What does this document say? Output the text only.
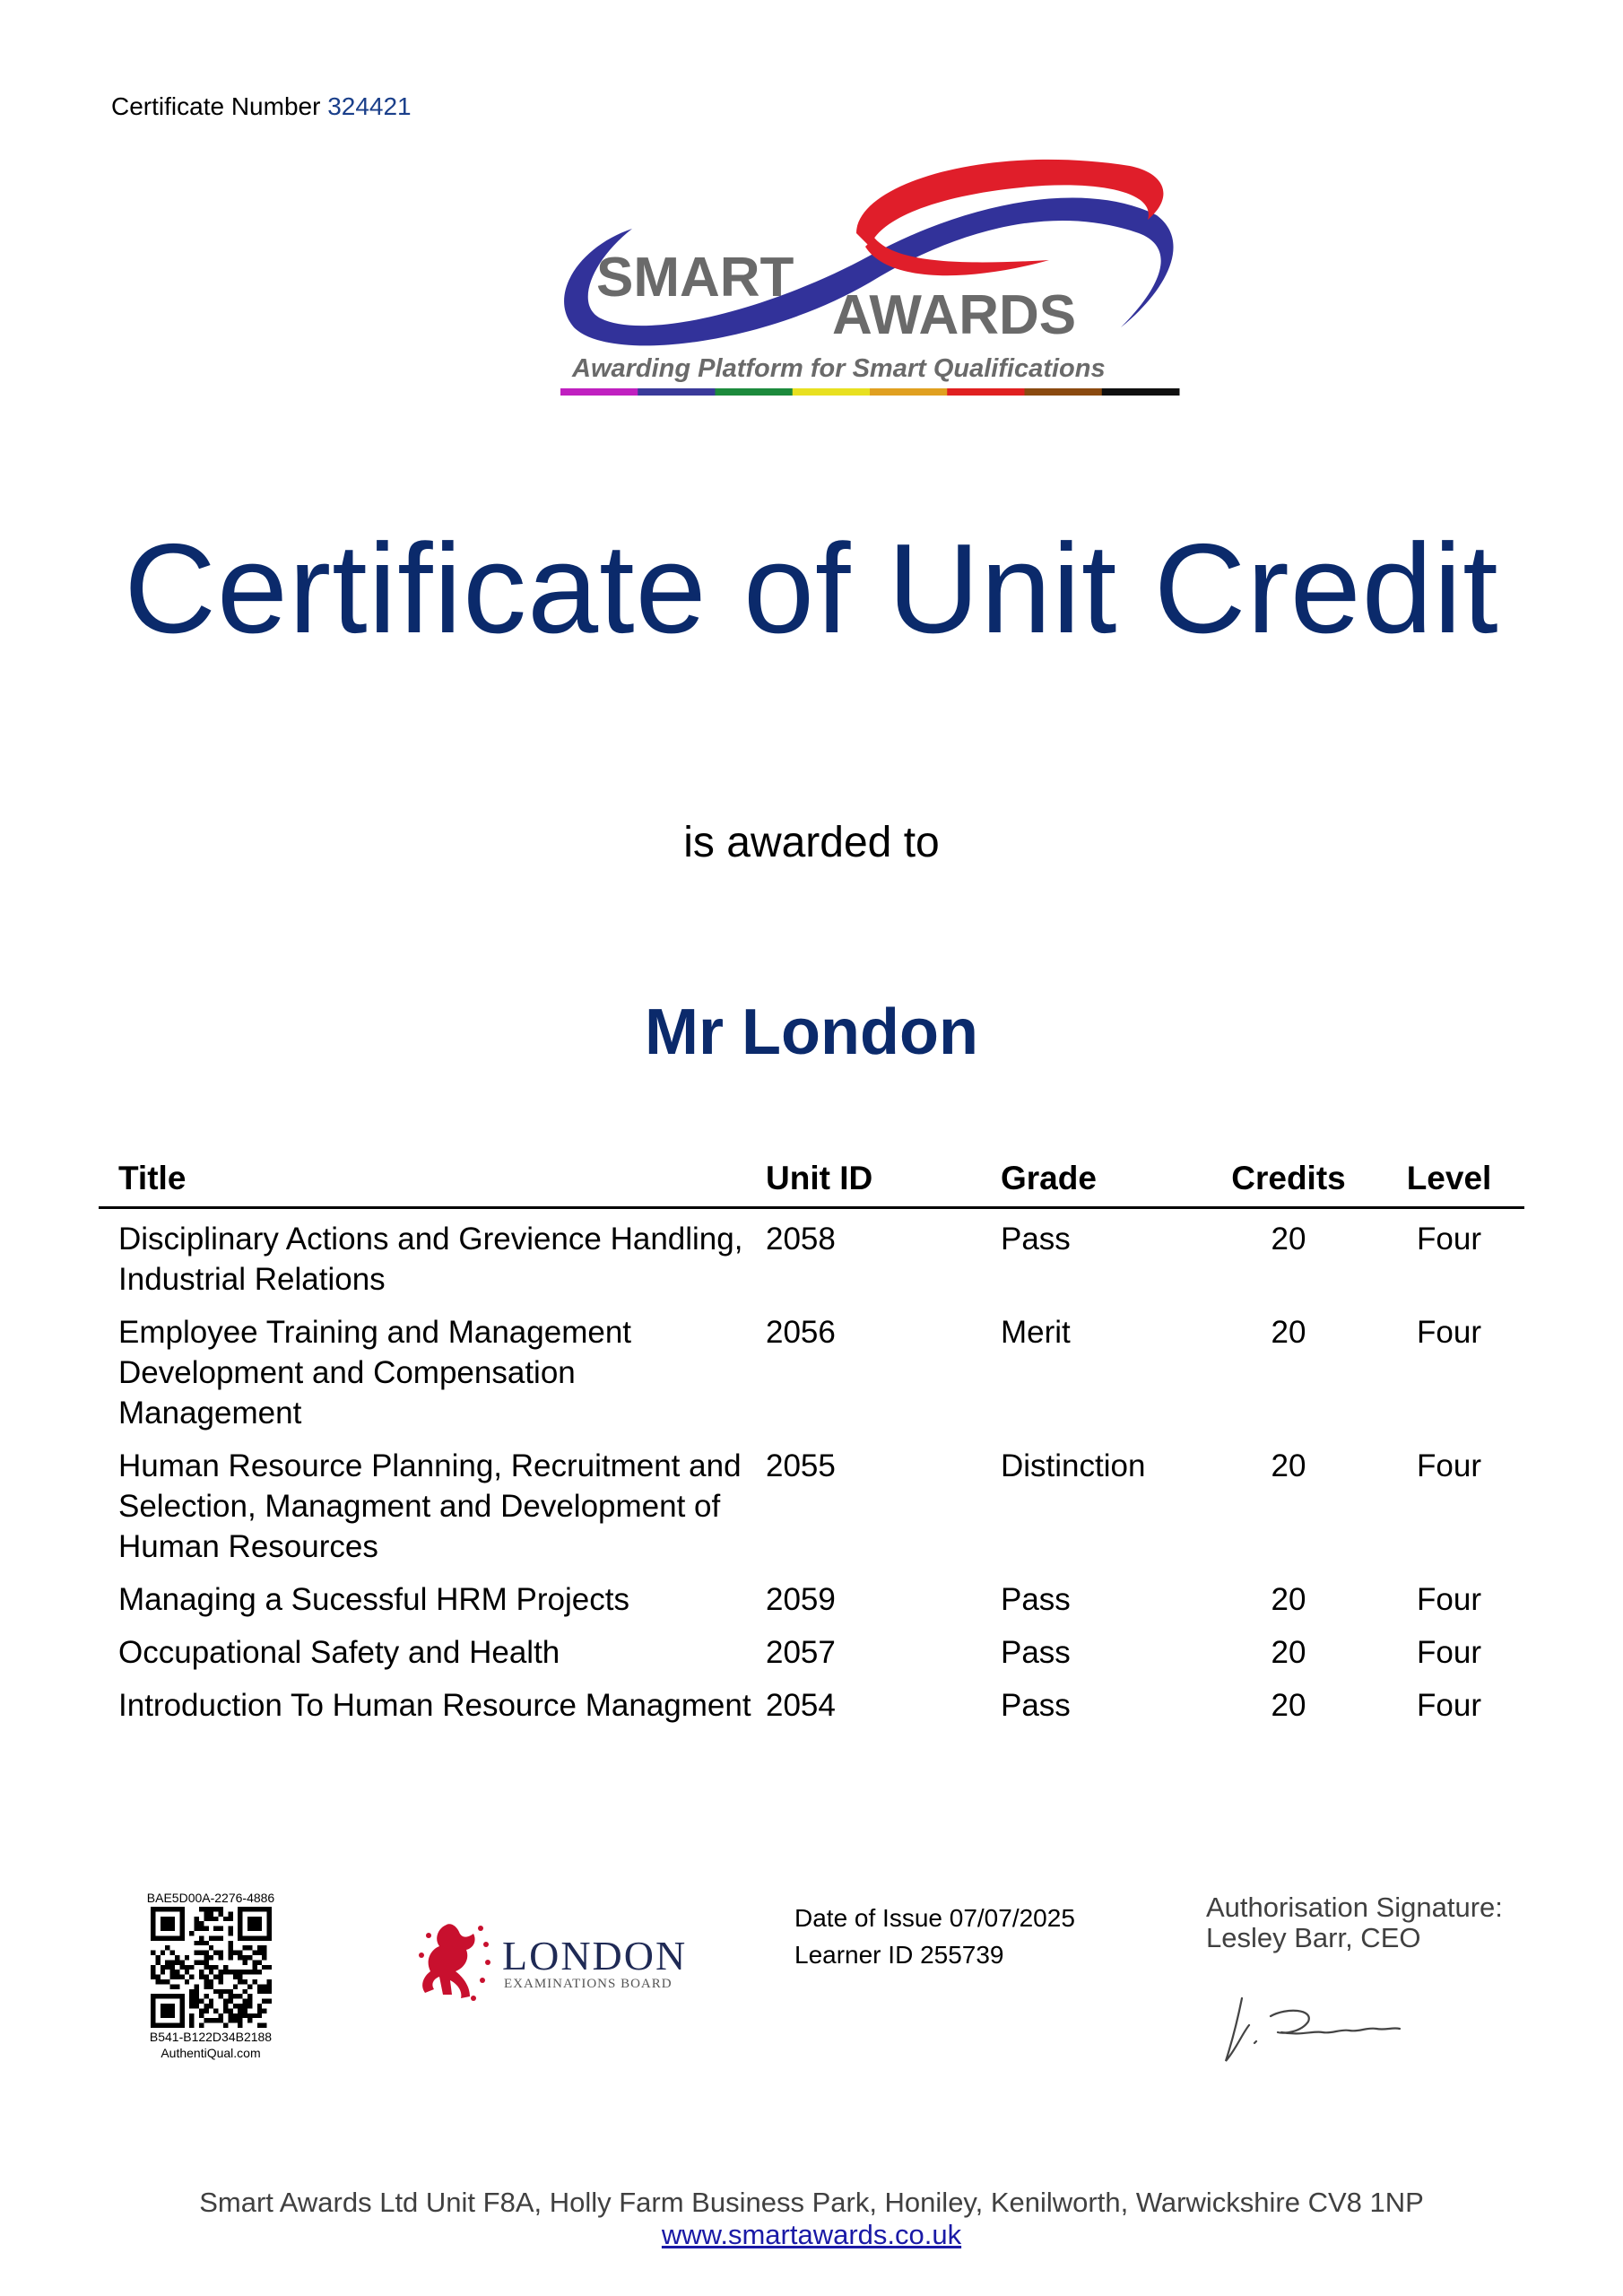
Certificate Number 324421
SMART
AWARDS
Awarding Platform for Smart Qualifications
Certificate of Unit Credit
is awarded to
Mr London
Title	Unit ID	Grade	Credits	Level
Disciplinary Actions and Grevience Handling, Industrial Relations	2058	Pass	20	Four
Employee Training and Management Development and Compensation Management	2056	Merit	20	Four
Human Resource Planning, Recruitment and Selection, Managment and Development of Human Resources	2055	Distinction	20	Four
Managing a Sucessful HRM Projects	2059	Pass	20	Four
Occupational Safety and Health	2057	Pass	20	Four
Introduction To Human Resource Managment	2054	Pass	20	Four
BAE5D00A-2276-4886
B541-B122D34B2188
AuthentiQual.com
LONDON
EXAMINATIONS BOARD
Date of Issue 07/07/2025
Learner ID 255739
Authorisation Signature:
Lesley Barr, CEO
Smart Awards Ltd Unit F8A, Holly Farm Business Park, Honiley, Kenilworth, Warwickshire CV8 1NP
www.smartawards.co.uk
